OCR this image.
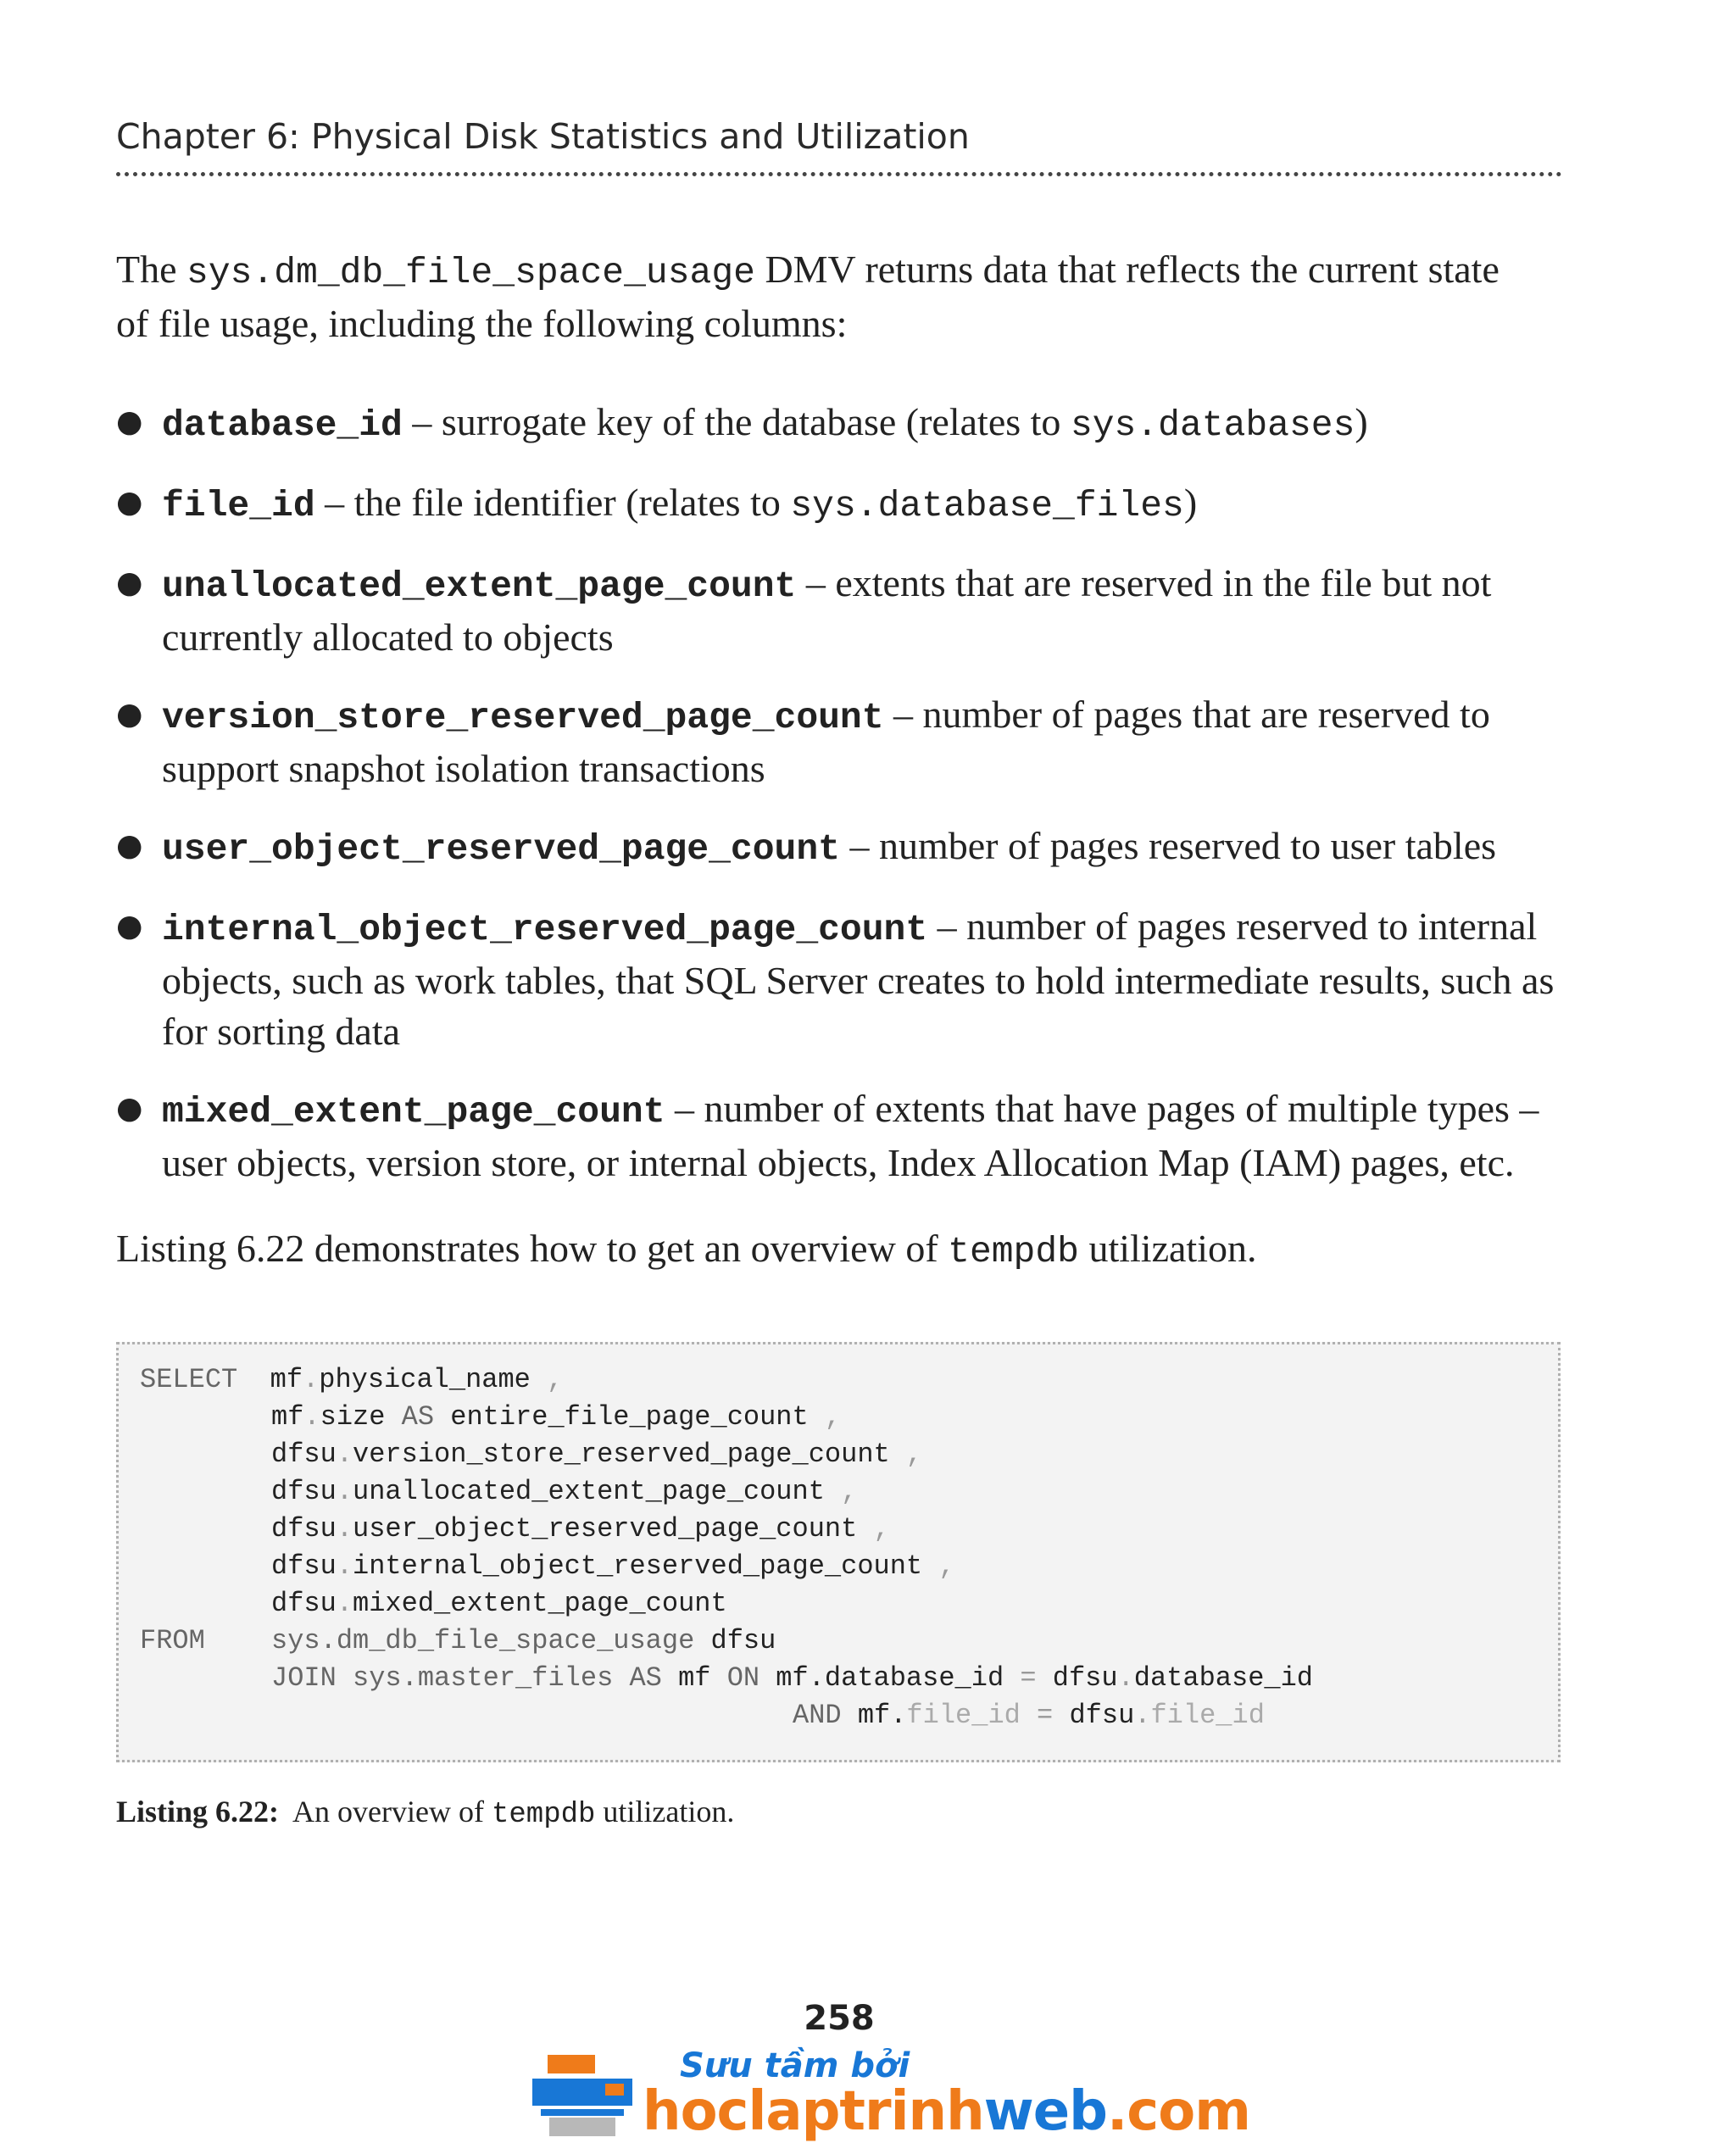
Chapter 6: Physical Disk Statistics and Utilization
The sys.dm_db_file_space_usage DMV returns data that reflects the current state
of file usage, including the following columns:
● database_id – surrogate key of the database (relates to sys.databases)
● file_id – the file identifier (relates to sys.database_files)
● unallocated_extent_page_count – extents that are reserved in the file but not currently allocated to objects
● version_store_reserved_page_count – number of pages that are reserved to support snapshot isolation transactions
● user_object_reserved_page_count – number of pages reserved to user tables
● internal_object_reserved_page_count – number of pages reserved to internal objects, such as work tables, that SQL Server creates to hold intermediate results, such as for sorting data
● mixed_extent_page_count – number of extents that have pages of multiple types – user objects, version store, or internal objects, Index Allocation Map (IAM) pages, etc.
Listing 6.22 demonstrates how to get an overview of tempdb utilization.
SELECT mf.physical_name ,
mf.size AS entire_file_page_count ,
dfsu.version_store_reserved_page_count ,
dfsu.unallocated_extent_page_count ,
dfsu.user_object_reserved_page_count ,
dfsu.internal_object_reserved_page_count ,
dfsu.mixed_extent_page_count
FROM sys.dm_db_file_space_usage dfsu
JOIN sys.master_files AS mf ON mf.database_id = dfsu.database_id
AND mf.file_id = dfsu.file_id
Listing 6.22:  An overview of tempdb utilization.
258
Sưu tầm bởi
hoclaptrinhweb.com
